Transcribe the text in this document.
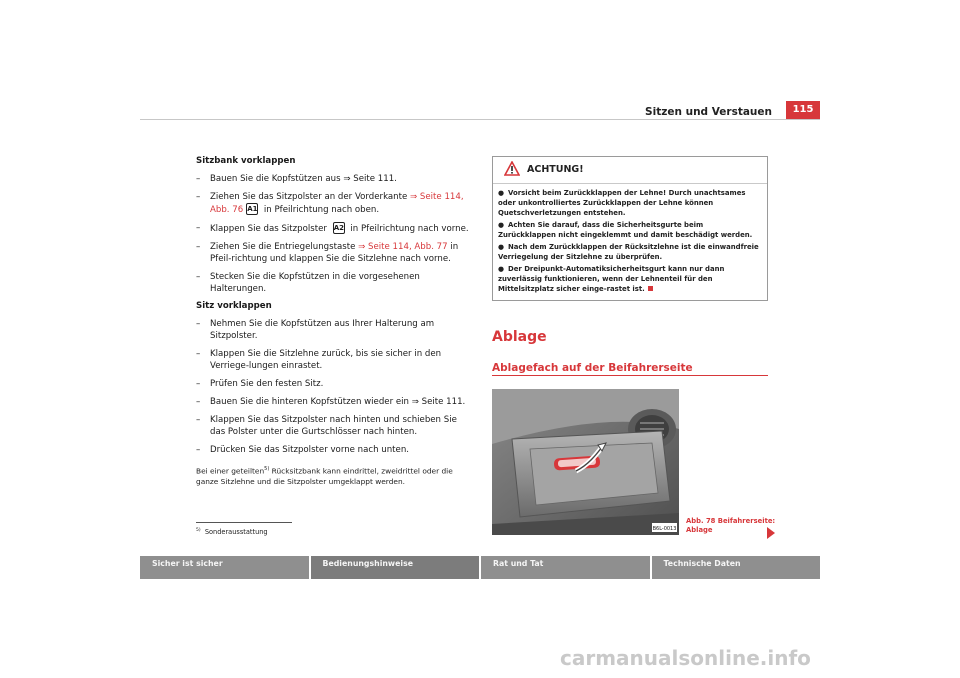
Sitzen und Verstauen	115
Sitzbank vorklappen
–	Bauen Sie die Kopfstützen aus ⇒ Seite 111.
–	Ziehen Sie das Sitzpolster an der Vorderkante ⇒ Seite 114, Abb. 76 A1 in Pfeilrichtung nach oben.
–	Klappen Sie das Sitzpolster A2 in Pfeilrichtung nach vorne.
–	Ziehen Sie die Entriegelungstaste ⇒ Seite 114, Abb. 77 in Pfeil-richtung und klappen Sie die Sitzlehne nach vorne.
–	Stecken Sie die Kopfstützen in die vorgesehenen Halterungen.
Sitz vorklappen
–	Nehmen Sie die Kopfstützen aus Ihrer Halterung am Sitzpolster.
–	Klappen Sie die Sitzlehne zurück, bis sie sicher in den Verriege-lungen einrastet.
–	Prüfen Sie den festen Sitz.
–	Bauen Sie die hinteren Kopfstützen wieder ein ⇒ Seite 111.
–	Klappen Sie das Sitzpolster nach hinten und schieben Sie das Polster unter die Gurtschlösser nach hinten.
–	Drücken Sie das Sitzpolster vorne nach unten.
Bei einer geteilten$^{5)}$ Rücksitzbank kann eindrittel, zweidrittel oder die ganze Sitzlehne und die Sitzpolster umgeklappt werden.
$^{5)}$ Sonderausstattung
ACHTUNG!
● Vorsicht beim Zurückklappen der Lehne! Durch unachtsames oder unkontrolliertes Zurückklappen der Lehne können Quetschverletzungen entstehen.
● Achten Sie darauf, dass die Sicherheitsgurte beim Zurückklappen nicht eingeklemmt und damit beschädigt werden.
● Nach dem Zurückklappen der Rücksitzlehne ist die einwandfreie Verriegelung der Sitzlehne zu überprüfen.
● Der Dreipunkt-Automatiksicherheitsgurt kann nur dann zuverlässig funktionieren, wenn der Lehnenteil für den Mittelsitzplatz sicher einge-rastet ist.
Ablage
Ablagefach auf der Beifahrerseite
B6L-0013
Abb. 78 Beifahrerseite:
Ablage
Sicher ist sicher	Bedienungshinweise	Rat und Tat	Technische Daten
carmanualsonline.info
